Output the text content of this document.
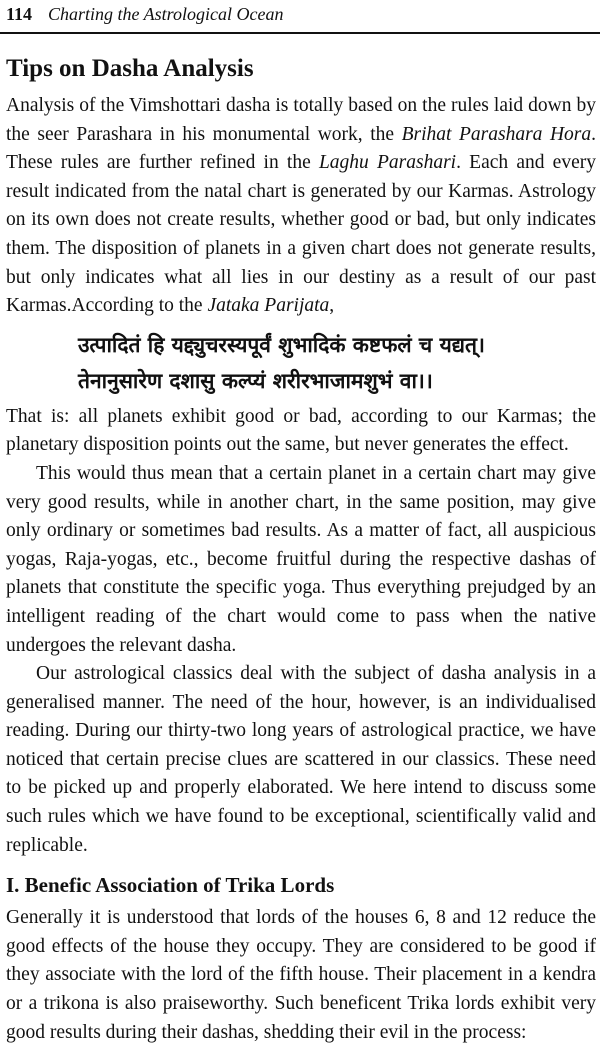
114 Charting the Astrological Ocean
Tips on Dasha Analysis

Analysis of the Vimshottari dasha is totally based on the rules laid down by the seer Parashara in his monumental work, the Brihat Parashara Hora. These rules are further refined in the Laghu Parashari. Each and every result indicated from the natal chart is generated by our Karmas. Astrology on its own does not create results, whether good or bad, but only indicates them. The disposition of planets in a given chart does not generate results, but only indicates what all lies in our destiny as a result of our past Karmas.According to the Jataka Parijata,

उत्पादितं हि यद्द्युचरस्यपूर्वं शुभादिकं कष्टफलं च यद्यत्।
तेनानुसारेण दशासु कल्प्यं शरीरभाजामशुभं वा।।

That is: all planets exhibit good or bad, according to our Karmas; the planetary disposition points out the same, but never generates the effect.

This would thus mean that a certain planet in a certain chart may give very good results, while in another chart, in the same position, may give only ordinary or sometimes bad results. As a matter of fact, all auspicious yogas, Raja-yogas, etc., become fruitful during the respective dashas of planets that constitute the specific yoga. Thus everything prejudged by an intelligent reading of the chart would come to pass when the native undergoes the relevant dasha.

Our astrological classics deal with the subject of dasha analysis in a generalised manner. The need of the hour, however, is an individualised reading. During our thirty-two long years of astrological practice, we have noticed that certain precise clues are scattered in our classics. These need to be picked up and properly elaborated. We here intend to discuss some such rules which we have found to be exceptional, scientifically valid and replicable.

I. Benefic Association of Trika Lords

Generally it is understood that lords of the houses 6, 8 and 12 reduce the good effects of the house they occupy. They are considered to be good if they associate with the lord of the fifth house. Their placement in a kendra or a trikona is also praiseworthy. Such beneficent Trika lords exhibit very good results during their dashas, shedding their evil in the process:
